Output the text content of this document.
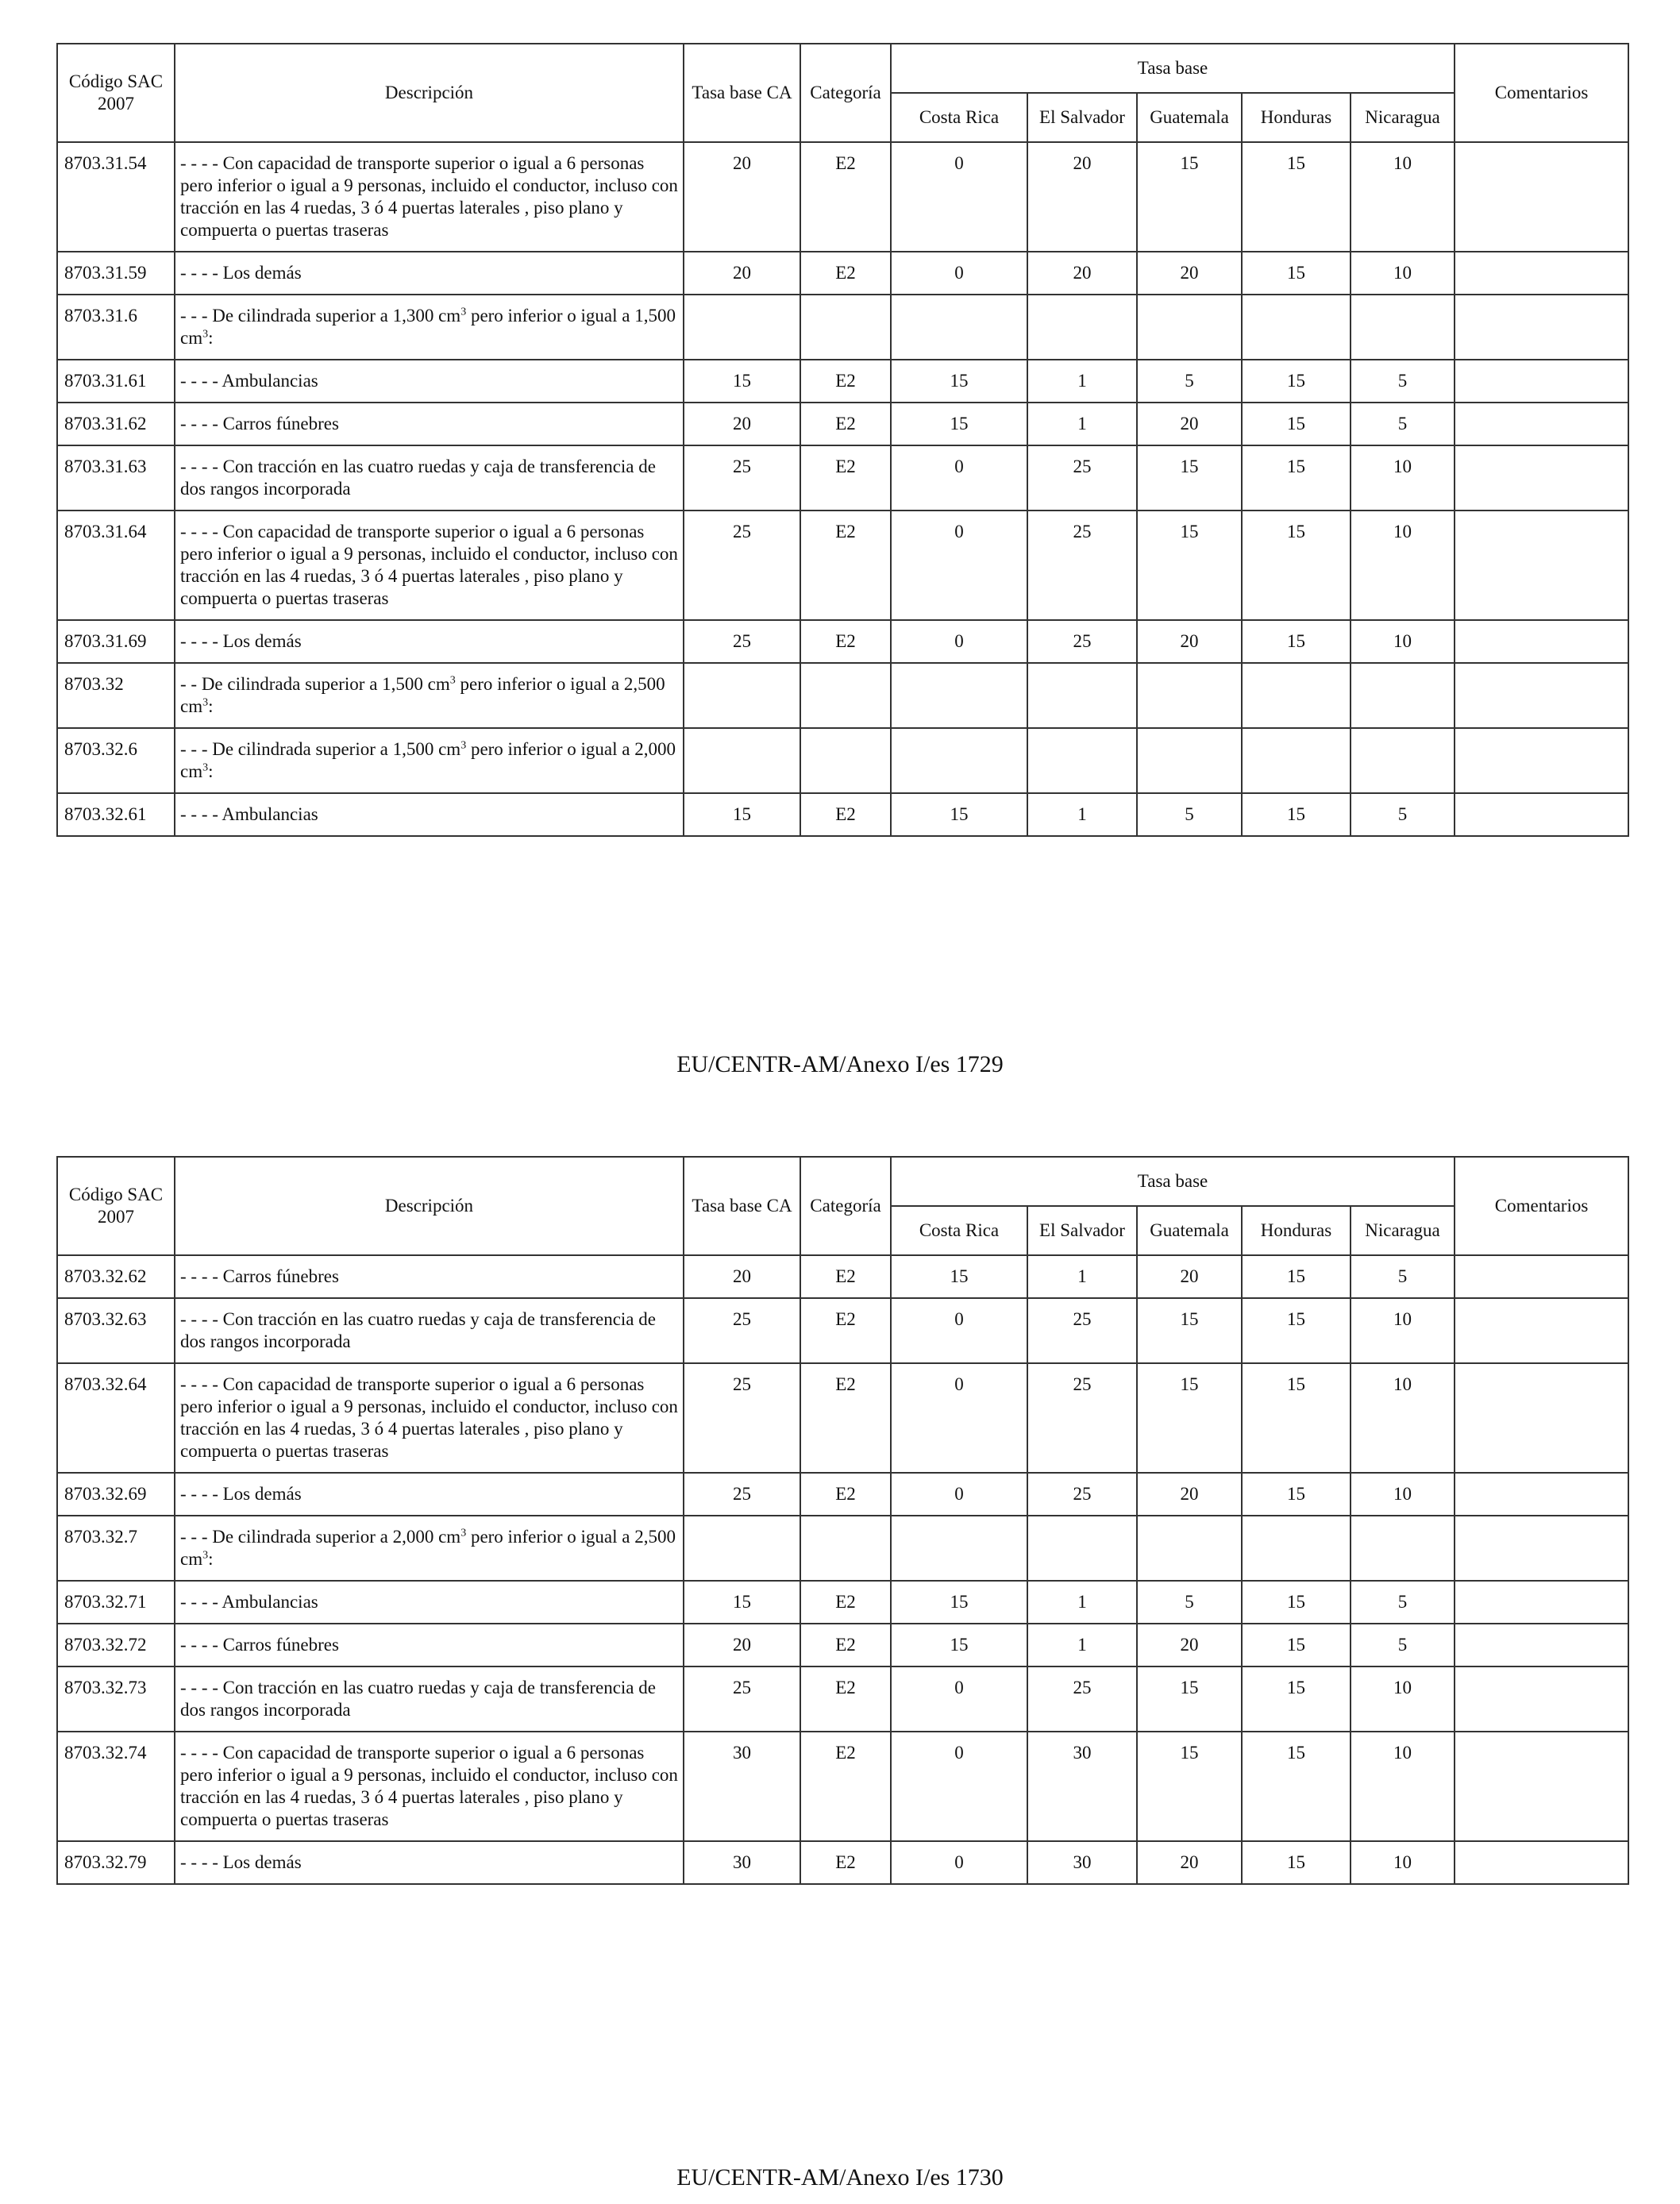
Código SAC 2007	Descripción	Tasa base CA	Categoría	Tasa base					Comentarios
				Costa Rica	El Salvador	Guatemala	Honduras	Nicaragua	
8703.31.54	- - - - Con capacidad de transporte superior o igual a 6 personas pero inferior o igual a 9 personas, incluido el conductor, incluso con tracción en las 4 ruedas, 3 ó 4 puertas laterales , piso plano y compuerta o puertas traseras	20	E2	0	20	15	15	10	
8703.31.59	- - - - Los demás	20	E2	0	20	20	15	10	
8703.31.6	- - - De cilindrada superior a 1,300 $cm^3$ pero inferior o igual a 1,500 $cm^3$:								
8703.31.61	- - - - Ambulancias	15	E2	15	1	5	15	5	
8703.31.62	- - - - Carros fúnebres	20	E2	15	1	20	15	5	
8703.31.63	- - - - Con tracción en las cuatro ruedas y caja de transferencia de dos rangos incorporada	25	E2	0	25	15	15	10	
8703.31.64	- - - - Con capacidad de transporte superior o igual a 6 personas pero inferior o igual a 9 personas, incluido el conductor, incluso con tracción en las 4 ruedas, 3 ó 4 puertas laterales , piso plano y compuerta o puertas traseras	25	E2	0	25	15	15	10	
8703.31.69	- - - - Los demás	25	E2	0	25	20	15	10	
8703.32	- - De cilindrada superior a 1,500 $cm^3$ pero inferior o igual a 2,500 $cm^3$:								
8703.32.6	- - - De cilindrada superior a 1,500 $cm^3$ pero inferior o igual a 2,000 $cm^3$:								
8703.32.61	- - - - Ambulancias	15	E2	15	1	5	15	5	
EU/CENTR-AM/Anexo I/es 1729
Código SAC 2007	Descripción	Tasa base CA	Categoría	Tasa base					Comentarios
				Costa Rica	El Salvador	Guatemala	Honduras	Nicaragua	
8703.32.62	- - - - Carros fúnebres	20	E2	15	1	20	15	5	
8703.32.63	- - - - Con tracción en las cuatro ruedas y caja de transferencia de dos rangos incorporada	25	E2	0	25	15	15	10	
8703.32.64	- - - - Con capacidad de transporte superior o igual a 6 personas pero inferior o igual a 9 personas, incluido el conductor, incluso con tracción en las 4 ruedas, 3 ó 4 puertas laterales , piso plano y compuerta o puertas traseras	25	E2	0	25	15	15	10	
8703.32.69	- - - - Los demás	25	E2	0	25	20	15	10	
8703.32.7	- - - De cilindrada superior a 2,000 $cm^3$ pero inferior o igual a 2,500 $cm^3$:								
8703.32.71	- - - - Ambulancias	15	E2	15	1	5	15	5	
8703.32.72	- - - - Carros fúnebres	20	E2	15	1	20	15	5	
8703.32.73	- - - - Con tracción en las cuatro ruedas y caja de transferencia de dos rangos incorporada	25	E2	0	25	15	15	10	
8703.32.74	- - - - Con capacidad de transporte superior o igual a 6 personas pero inferior o igual a 9 personas, incluido el conductor, incluso con tracción en las 4 ruedas, 3 ó 4 puertas laterales , piso plano y compuerta o puertas traseras	30	E2	0	30	15	15	10	
8703.32.79	- - - - Los demás	30	E2	0	30	20	15	10	
EU/CENTR-AM/Anexo I/es 1730
